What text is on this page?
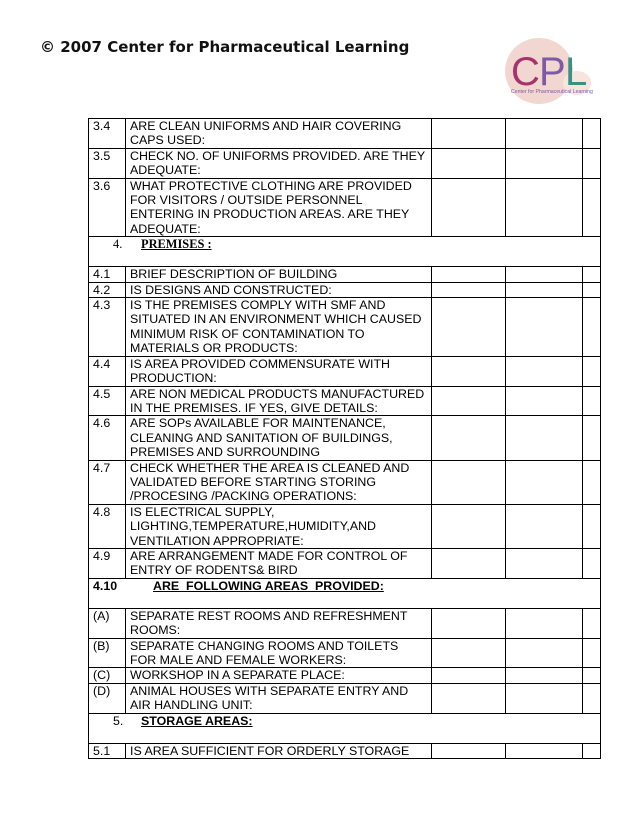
© 2007 Center for Pharmaceutical Learning
C P L
Center for Pharmaceutical Learning
3.4	ARE CLEAN UNIFORMS AND HAIR COVERING CAPS USED:			
3.5	CHECK NO. OF UNIFORMS PROVIDED. ARE THEY ADEQUATE:			
3.6	WHAT PROTECTIVE CLOTHING ARE PROVIDED FOR VISITORS / OUTSIDE PERSONNEL ENTERING IN PRODUCTION AREAS. ARE THEY ADEQUATE:			

4. PREMISES :				

4.1	BRIEF DESCRIPTION OF BUILDING			
4.2	IS DESIGNS AND CONSTRUCTED:			
4.3	IS THE PREMISES COMPLY WITH SMF AND SITUATED IN AN ENVIRONMENT WHICH CAUSED MINIMUM RISK OF CONTAMINATION TO MATERIALS OR PRODUCTS:			
4.4	IS AREA PROVIDED COMMENSURATE WITH PRODUCTION:			
4.5	ARE NON MEDICAL PRODUCTS MANUFACTURED IN THE PREMISES. IF YES, GIVE DETAILS:			
4.6	ARE SOPs AVAILABLE FOR MAINTENANCE, CLEANING AND SANITATION OF BUILDINGS, PREMISES AND SURROUNDING			
4.7	CHECK WHETHER THE AREA IS CLEANED AND VALIDATED BEFORE STARTING STORING /PROCESING /PACKING OPERATIONS:			
4.8	IS ELECTRICAL SUPPLY, LIGHTING,TEMPERATURE,HUMIDITY,AND VENTILATION APPROPRIATE:			
4.9	ARE ARRANGEMENT MADE FOR CONTROL OF ENTRY OF RODENTS& BIRD			

4.10 ARE  FOLLOWING AREAS  PROVIDED:				

(A)	SEPARATE REST ROOMS AND REFRESHMENT ROOMS:			
(B)	SEPARATE CHANGING ROOMS AND TOILETS FOR MALE AND FEMALE WORKERS:			
(C)	WORKSHOP IN A SEPARATE PLACE:			
(D)	ANIMAL HOUSES WITH SEPARATE ENTRY AND AIR HANDLING UNIT:			

5. STORAGE AREAS:				

5.1	IS AREA SUFFICIENT FOR ORDERLY STORAGE			
